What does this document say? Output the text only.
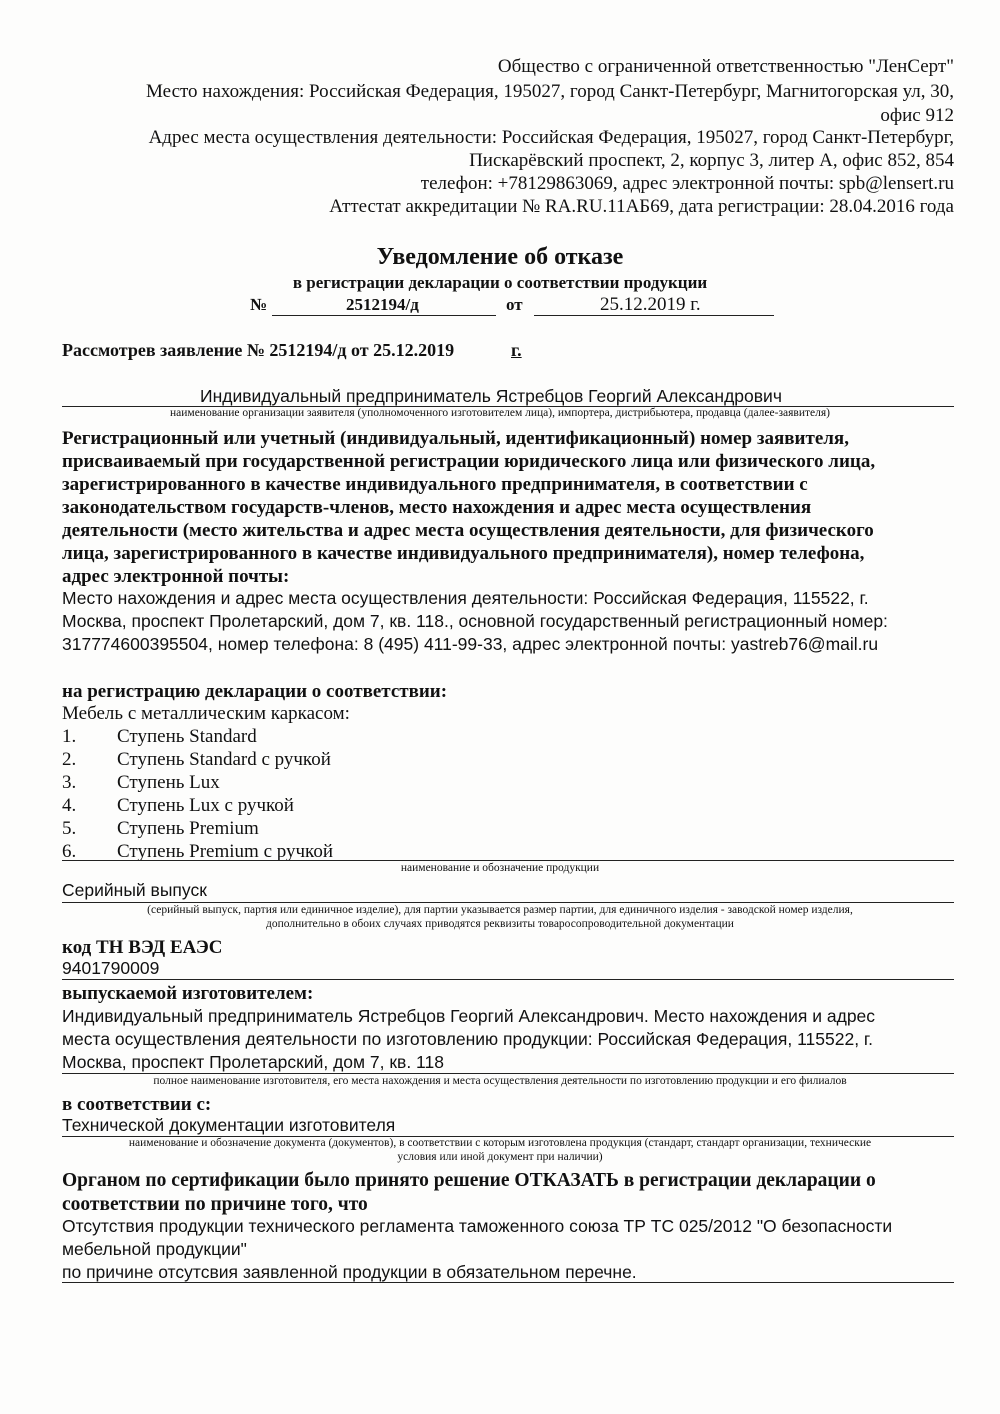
Общество с ограниченной ответственностью "ЛенСерт"
Место нахождения: Российская Федерация, 195027, город Санкт-Петербург, Магнитогорская ул, 30,
офис 912
Адрес места осуществления деятельности: Российская Федерация, 195027, город Санкт-Петербург,
Пискарёвский проспект, 2, корпус 3, литер А, офис 852, 854
телефон: +78129863069, адрес электронной почты: spb@lensert.ru
Аттестат аккредитации № RA.RU.11АБ69, дата регистрации: 28.04.2016 года
Уведомление об отказе
в регистрации декларации о соответствии продукции
№	2512194/д	от	25.12.2019 г.
Рассмотрев заявление № 2512194/д от 25.12.2019	г.
Индивидуальный предприниматель Ястребцов Георгий Александрович
наименование организации заявителя (уполномоченного изготовителем лица), импортера, дистрибьютера, продавца (далее-заявителя)
Регистрационный или учетный (индивидуальный, идентификационный) номер заявителя,
присваиваемый при государственной регистрации юридического лица или физического лица,
зарегистрированного в качестве индивидуального предпринимателя, в соответствии с
законодательством государств-членов, место нахождения и адрес места осуществления
деятельности (место жительства и адрес места осуществления деятельности, для физического
лица, зарегистрированного в качестве индивидуального предпринимателя), номер телефона,
адрес электронной почты:
Место нахождения и адрес места осуществления деятельности: Российская Федерация, 115522, г.
Москва, проспект Пролетарский, дом 7, кв. 118., основной государственный регистрационный номер:
317774600395504, номер телефона: 8 (495) 411-99-33, адрес электронной почты: yastreb76@mail.ru
на регистрацию декларации о соответствии:
Мебель с металлическим каркасом:
1. Ступень Standard
2. Ступень Standard с ручкой
3. Ступень Lux
4. Ступень Lux с ручкой
5. Ступень Premium
6. Ступень Premium с ручкой
наименование и обозначение продукции
Серийный выпуск
(серийный выпуск, партия или единичное изделие), для партии указывается размер партии, для единичного изделия - заводской номер изделия,
дополнительно в обоих случаях приводятся реквизиты товаросопроводительной документации
код ТН ВЭД ЕАЭС
9401790009
выпускаемой изготовителем:
Индивидуальный предприниматель Ястребцов Георгий Александрович. Место нахождения и адрес
места осуществления деятельности по изготовлению продукции: Российская Федерация, 115522, г.
Москва, проспект Пролетарский, дом 7, кв. 118
полное наименование изготовителя, его места нахождения и места осуществления деятельности по изготовлению продукции и его филиалов
в соответствии с:
Технической документации изготовителя
наименование и обозначение документа (документов), в соответствии с которым изготовлена продукция (стандарт, стандарт организации, технические
условия или иной документ при наличии)
Органом по сертификации было принято решение ОТКАЗАТЬ в регистрации декларации о
соответствии по причине того, что
Отсутствия продукции технического регламента таможенного союза ТР ТС 025/2012 "О безопасности
мебельной продукции"
по причине отсутсвия заявленной продукции в обязательном перечне.
